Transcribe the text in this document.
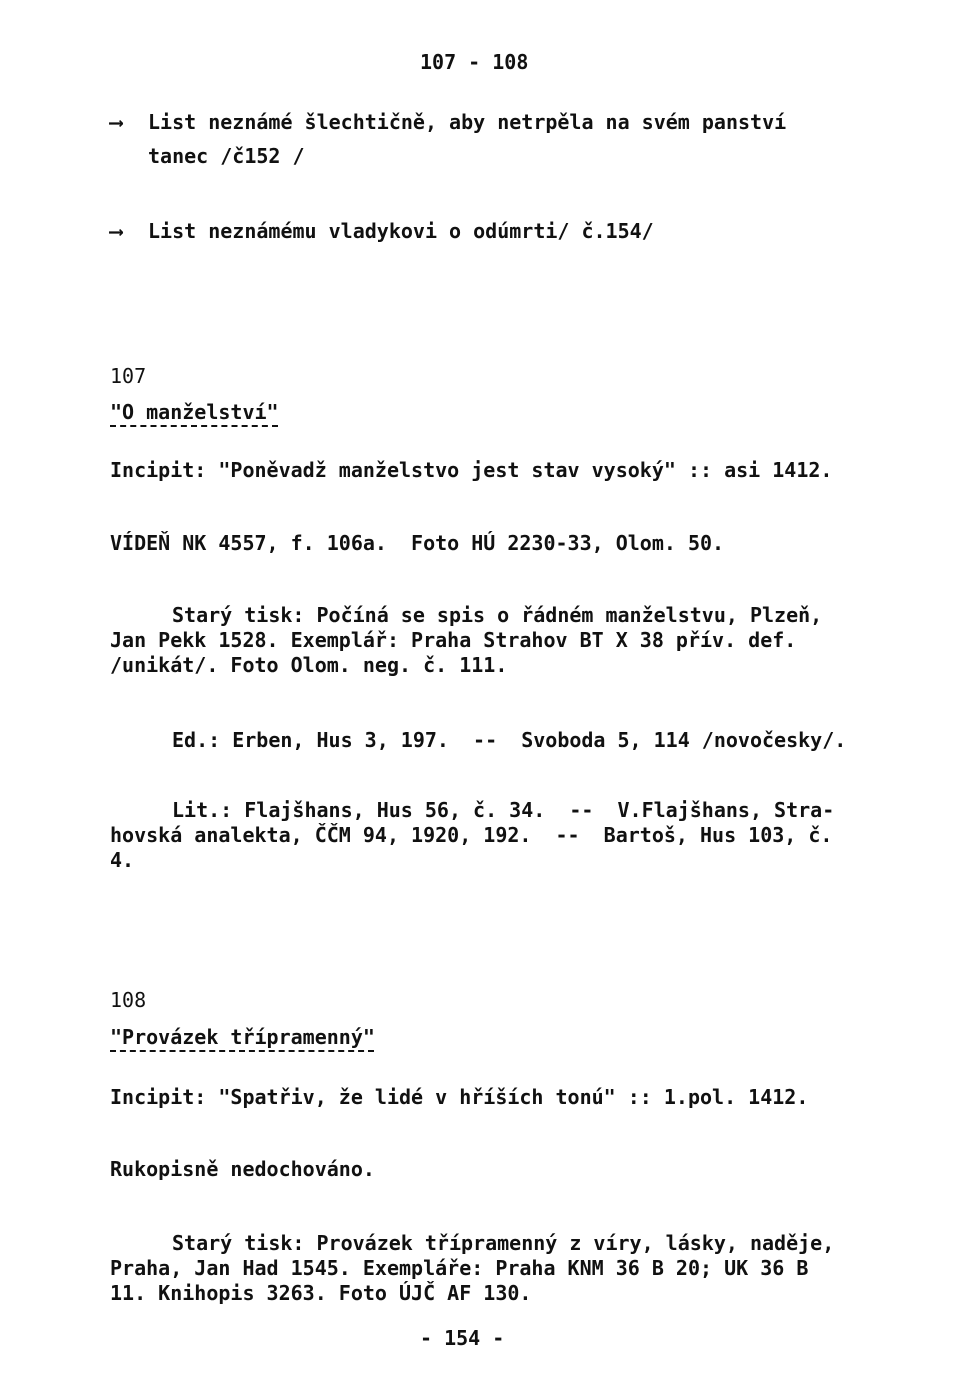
107 - 108
⟶ List neznámé šlechtičně, aby netrpěla na svém panství
tanec /č152 /
⟶ List neznámému vladykovi o odúmrti/ č.154/
107
"O manželství"
Incipit: "Poněvadž manželstvo jest stav vysoký" :: asi 1412.
VÍDEŇ NK 4557, f. 106a.  Foto HÚ 2230-33, Olom. 50.
Starý tisk: Počíná se spis o řádném manželstvu, Plzeň,
Jan Pekk 1528. Exemplář: Praha Strahov BT X 38 přív. def.
/unikát/. Foto Olom. neg. č. 111.
Ed.: Erben, Hus 3, 197.  --  Svoboda 5, 114 /novočesky/.
Lit.: Flajšhans, Hus 56, č. 34.  --  V.Flajšhans, Stra-
hovská analekta, ČČM 94, 1920, 192.  --  Bartoš, Hus 103, č.
4.
108
"Provázek třípramenný"
Incipit: "Spatřiv, že lidé v hříších tonú" :: 1.pol. 1412.
Rukopisně nedochováno.
Starý tisk: Provázek třípramenný z víry, lásky, naděje,
Praha, Jan Had 1545. Exempláře: Praha KNM 36 B 20; UK 36 B
11. Knihopis 3263. Foto ÚJČ AF 130.
- 154 -
